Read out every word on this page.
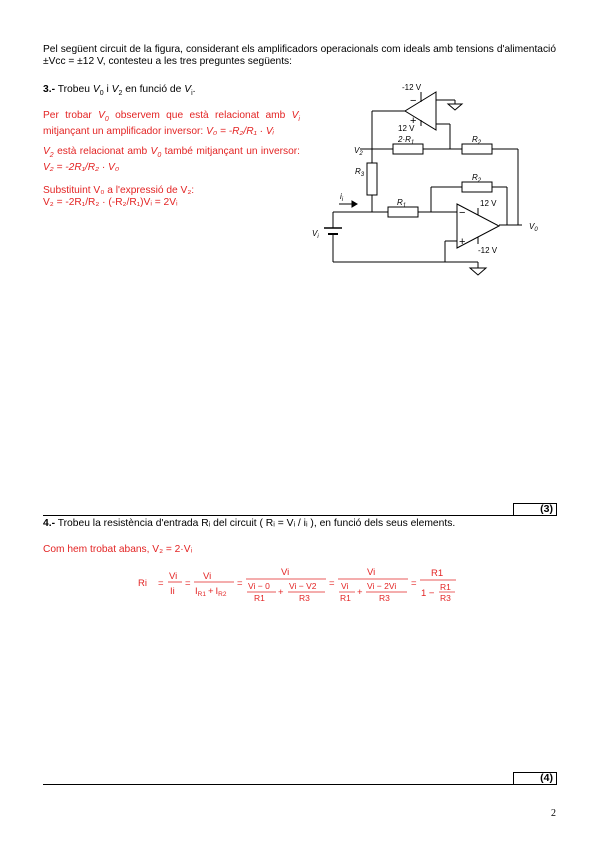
Pel següent circuit de la figura, considerant els amplificadors operacionals com ideals amb tensions d'alimentació ±Vcc = ±12 V, contesteu a les tres preguntes següents:
3.- Trobeu $V_0$ i $V_2$ en funció de $V_i$.
Per trobar $V_0$ observem que està relacionat amb $V_i$ mitjançant un amplificador inversor: V₀ = -R₂/R₁ · Vᵢ
$V_2$ està relacionat amb $V_0$ també mitjançant un inversor: V₂ = -2R₁/R₂ · V₀
Substituint V₀ a l'expressió de V₂:
V₂ = -2R₁/R₂ · (-R₂/R₁)Vᵢ = 2Vᵢ
-12 V
12 V
12 V
-12 V
−
+
−
+
$2\cdot R_1$	$R_2$
$R_2$
$R_1$
$R_3$
$V_2$
$i_i$
$V_i$
$V_0$
(3)
4.- Trobeu la resistència d'entrada Rᵢ del circuit ( Rᵢ = Vᵢ / iᵢ ), en funció dels seus elements.
Com hem trobat abans, V₂ = 2·Vᵢ
Ri =
Vi
Ii
=
Vi
$I_{R1} + I_{R2}$
=
Vi
Vi − 0
R1 +
Vi − V2
R3
=
Vi
Vi
R1 +
Vi − 2Vi
R3
=
R1
1 −
R1
R3
(4)
2
